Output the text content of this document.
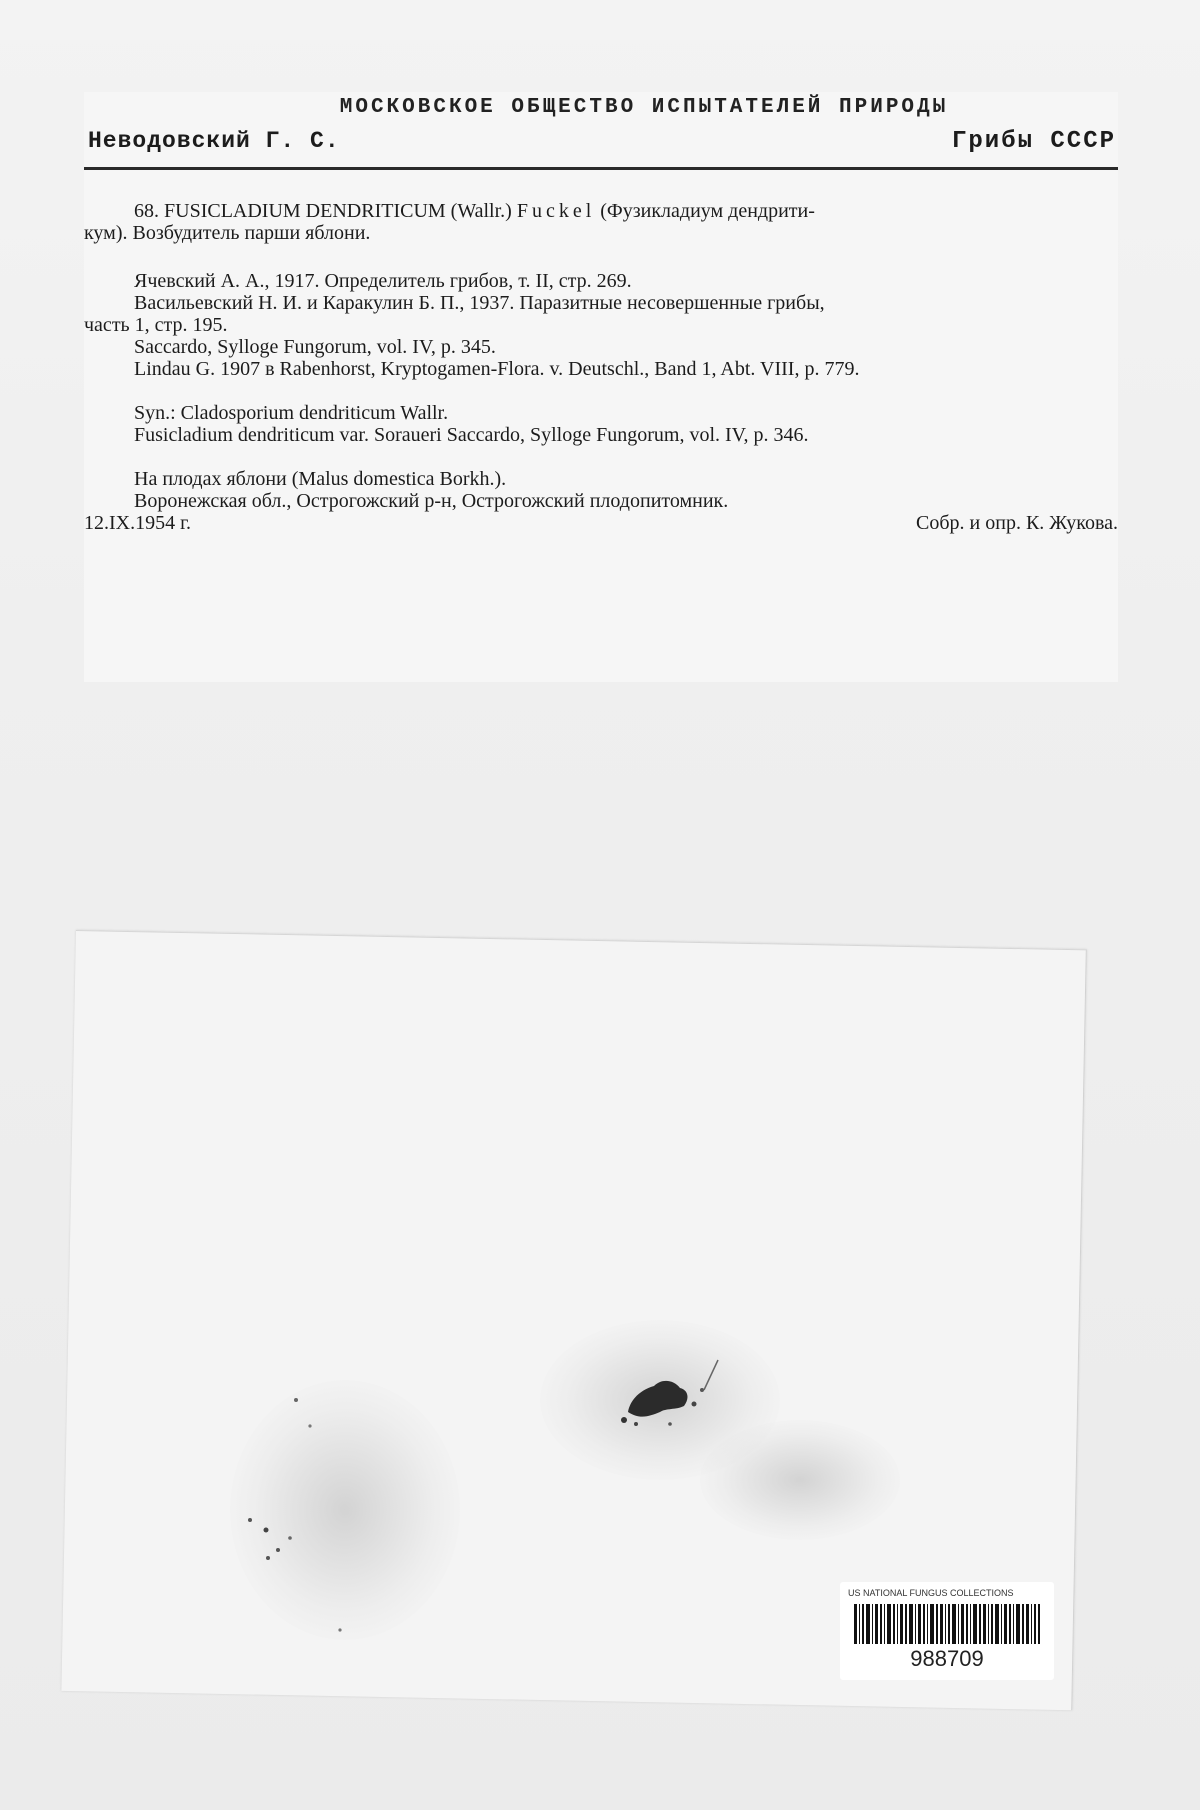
МОСКОВСКОЕ ОБЩЕСТВО ИСПЫТАТЕЛЕЙ ПРИРОДЫ
Неводовский Г. С.	Грибы СССР

68. FUSICLADIUM DENDRITICUM (Wallr.) Fuckel (Фузикладиум дендрити-

кум). Возбудитель парши яблони.

Ячевский А. А., 1917. Определитель грибов, т. II, стр. 269.

Васильевский Н. И. и Каракулин Б. П., 1937. Паразитные несовершенные грибы,

часть 1, стр. 195.

Saccardo, Sylloge Fungorum, vol. IV, p. 345.

Lindau G. 1907 в Rabenhorst, Kryptogamen-Flora. v. Deutschl., Band 1, Abt. VIII, p. 779.

Syn.: Cladosporium dendriticum Wallr.

Fusicladium dendriticum var. Sorauerі Saccardo, Sylloge Fungorum, vol. IV, p. 346.

На плодах яблони (Malus domestica Borkh.).

Воронежская обл., Острогожский р-н, Острогожский плодопитомник.

12.IX.1954 г.	Собр. и опр. К. Жукова.
US NATIONAL FUNGUS COLLECTIONS
988709
